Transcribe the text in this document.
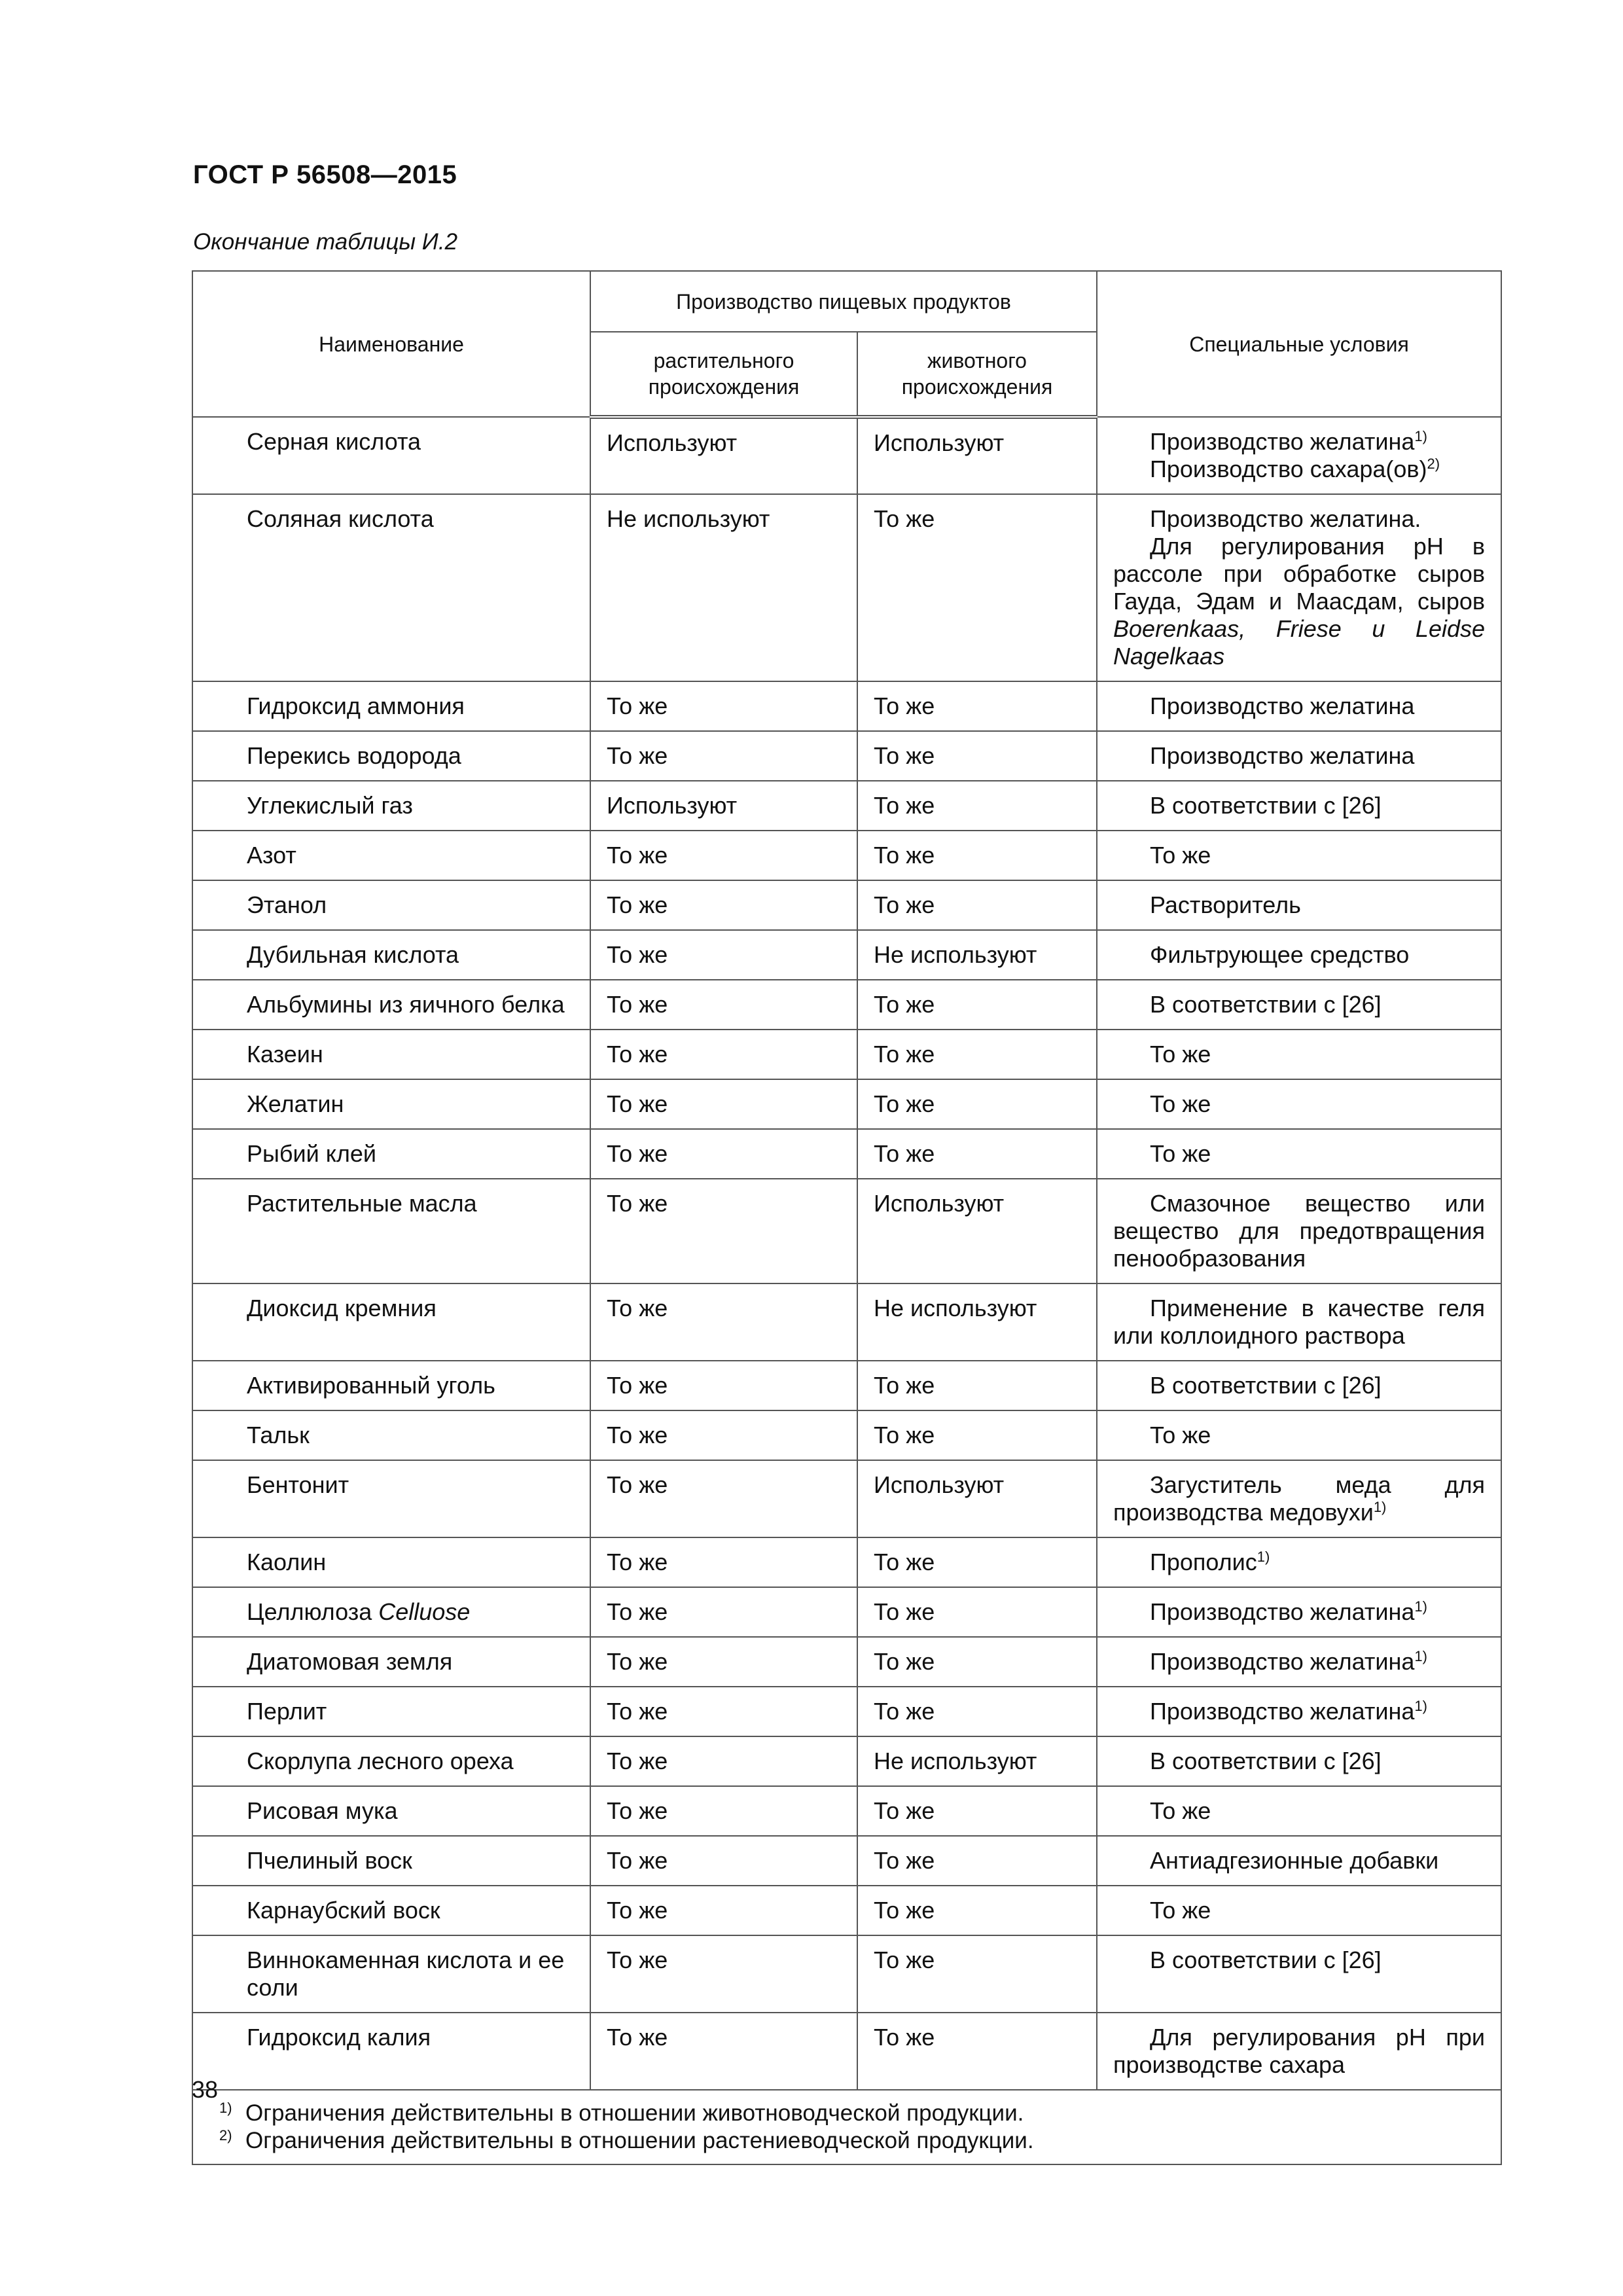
ГОСТ Р 56508—2015
Окончание таблицы И.2
Наименование	Производство пищевых продуктов		Специальные условия
	растительного происхождения	животного происхождения	
Серная кислота	Используют	Используют	Производство желатина$^{1)}$
Производство сахара(ов)$^{2)}$

Соляная кислота	Не используют	То же	Производство желатина.
Для регулирования pH в рассоле при обработке сыров Гауда, Эдам и Маасдам, сыров Boerenkaas, Friese и Leidse Nagelkaas

Гидроксид аммония	То же	То же	Производство желатина
Перекись водорода	То же	То же	Производство желатина
Углекислый газ	Используют	То же	В соответствии с [26]
Азот	То же	То же	То же
Этанол	То же	То же	Растворитель
Дубильная кислота	То же	Не используют	Фильтрующее средство
Альбумины из яичного белка	То же	То же	В соответствии с [26]
Казеин	То же	То же	То же
Желатин	То же	То же	То же
Рыбий клей	То же	То же	То же
Растительные масла	То же	Используют	Смазочное вещество или вещество для предотвращения пенообразования
Диоксид кремния	То же	Не используют	Применение в качестве геля или коллоидного раствора
Активированный уголь	То же	То же	В соответствии с [26]
Тальк	То же	То же	То же
Бентонит	То же	Используют	Загуститель меда для производства медовухи$^{1)}$
Каолин	То же	То же	Прополис$^{1)}$
Целлюлоза Celluose	То же	То же	Производство желатина$^{1)}$
Диатомовая земля	То же	То же	Производство желатина$^{1)}$
Перлит	То же	То же	Производство желатина$^{1)}$
Скорлупа лесного ореха	То же	Не используют	В соответствии с [26]
Рисовая мука	То же	То же	То же
Пчелиный воск	То же	То же	Антиадгезионные добавки
Карнаубский воск	То же	То же	То же
Виннокаменная кислота и ее соли	То же	То же	В соответствии с [26]
Гидроксид калия	То же	То же	Для регулирования pH при производстве сахара

1) Ограничения действительны в отношении животноводческой продукции.
2) Ограничения действительны в отношении растениеводческой продукции.			
38
